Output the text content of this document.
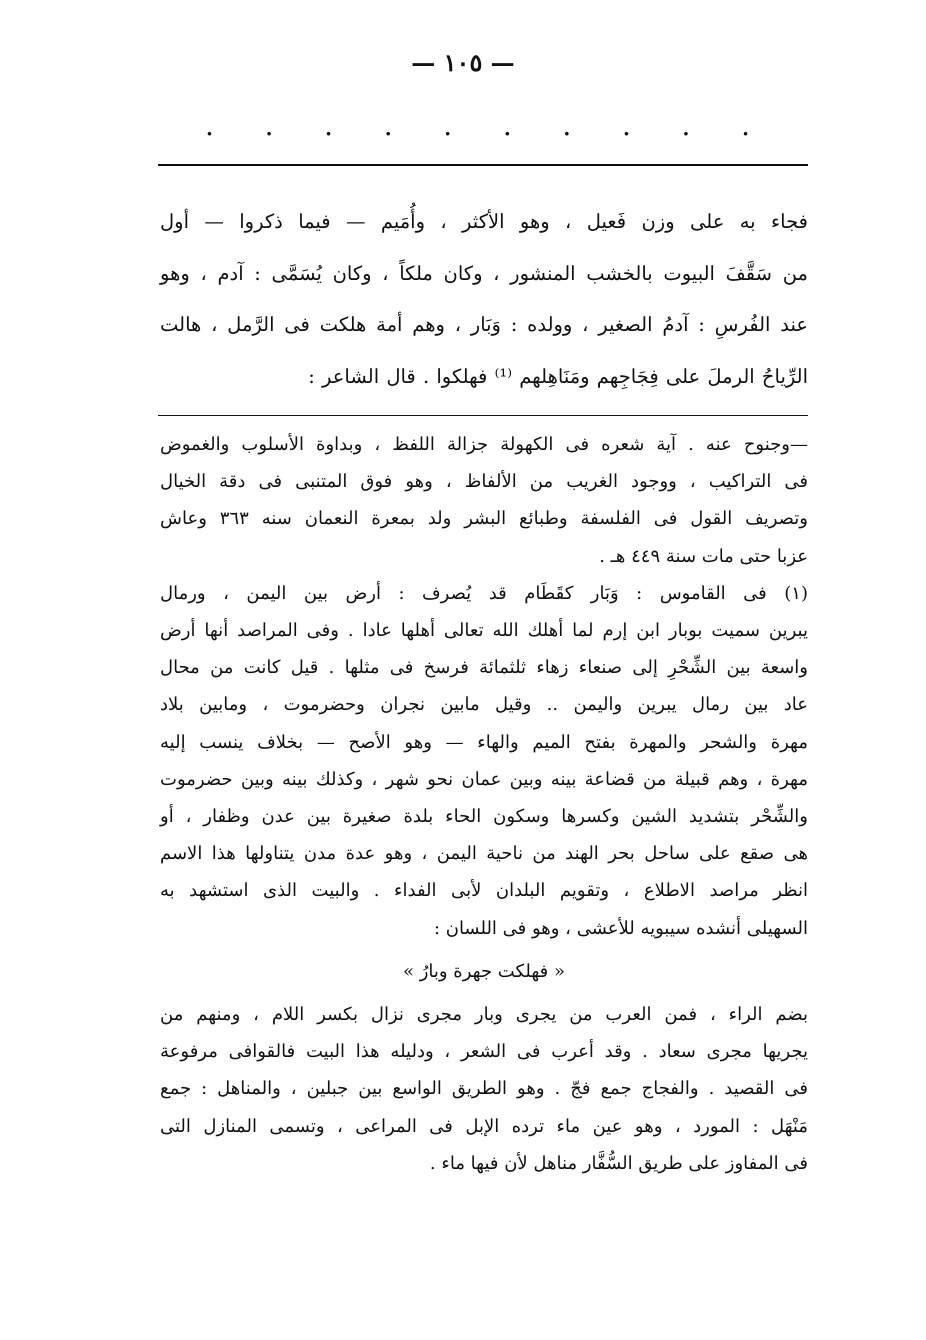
— ١٠٥ —
.
.
.
.
.
.
.
.
.
.
فجاء به على وزن فَعيل ، وهو الأكثر ، وأُمَيم — فيما ذكروا — أول
من سَقَّفَ البيوت بالخشب المنشور ، وكان ملكاً ، وكان يُسَمَّى : آدم ، وهو
عند الفُرسِ : آدمُ الصغير ، وولده : وَبَار ، وهم أمة هلكت فى الرَّمل ، هالت
الرِّياحُ الرملَ على فِجَاجِهم ومَنَاهِلهم ⁽¹⁾ فهلكوا . قال الشاعر :
—وجنوح عنه . آية شعره فى الكهولة جزالة اللفظ ، وبداوة الأسلوب والغموض
فى التراكيب ، ووجود الغريب من الألفاظ ، وهو فوق المتنبى فى دقة الخيال
وتصريف القول فى الفلسفة وطبائع البشر ولد بمعرة النعمان سنه ٣٦٣ وعاش
عزبا حتى مات سنة ٤٤٩ هـ .
(١) فى القاموس : وَبَار كقَطَام قد يُصرف : أرض بين اليمن ، ورمال
يبرين سميت بوبار ابن إرم لما أهلك الله تعالى أهلها عادا . وفى المراصد أنها أرض
واسعة بين الشِّحْرِ إلى صنعاء زهاء ثلثمائة فرسخ فى مثلها . قيل كانت من محال
عاد بين رمال يبرين واليمن .. وقيل مابين نجران وحضرموت ، ومابين بلاد
مهرة والشحر والمهرة بفتح الميم والهاء — وهو الأصح — بخلاف ينسب إليه
مهرة ، وهم قبيلة من قضاعة بينه وبين عمان نحو شهر ، وكذلك بينه وبين حضرموت
والشِّحْر بتشديد الشين وكسرها وسكون الحاء بلدة صغيرة بين عدن وظفار ، أو
هى صقع على ساحل بحر الهند من ناحية اليمن ، وهو عدة مدن يتناولها هذا الاسم
انظر مراصد الاطلاع ، وتقويم البلدان لأبى الفداء . والبيت الذى استشهد به
السهيلى أنشده سيبويه للأعشى ، وهو فى اللسان :
« فهلكت جهرة وبارُ »
بضم الراء ، فمن العرب من يجرى وبار مجرى نزال بكسر اللام ، ومنهم من
يجريها مجرى سعاد . وقد أعرب فى الشعر ، ودليله هذا البيت فالقوافى مرفوعة
فى القصيد . والفجاج جمع فجّ . وهو الطريق الواسع بين جبلين ، والمناهل : جمع
مَنْهَل : المورد ، وهو عين ماء ترده الإبل فى المراعى ، وتسمى المنازل التى
فى المفاوز على طريق السُّفَّار مناهل لأن فيها ماء .
